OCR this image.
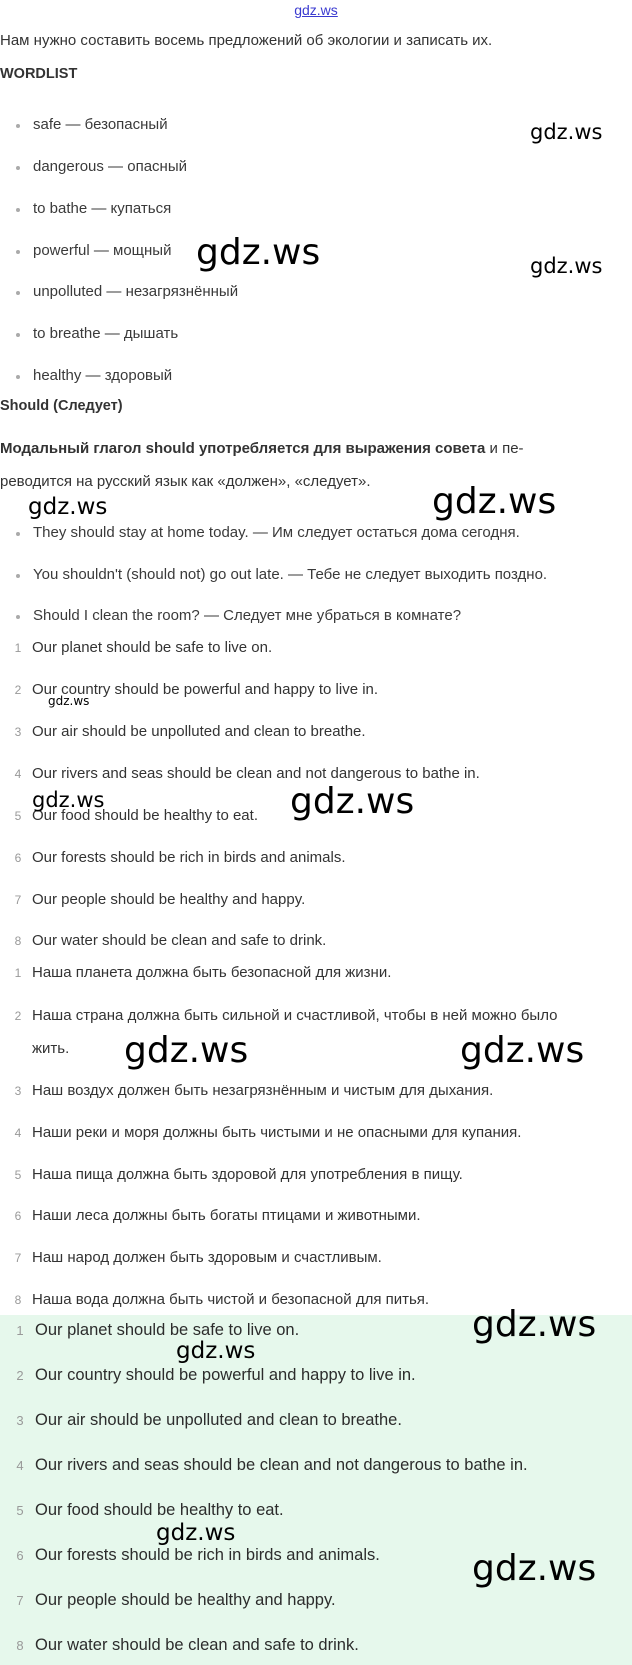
gdz.ws
Нам нужно составить восемь предложений об экологии и записать их.
WORDLIST
safe — безопасный
dangerous — опасный
to bathe — купаться
powerful — мощный
unpolluted — незагрязнённый
to breathe — дышать
healthy — здоровый
Should (Следует)
Модальный глагол should употребляется для выражения совета и пе-
реводится на русский язык как «должен», «следует».
They should stay at home today. — Им следует остаться дома сегодня.
You shouldn't (should not) go out late. — Тебе не следует выходить поздно.
Should I clean the room? — Следует мне убраться в комнате?
1 Our planet should be safe to live on.
2 Our country should be powerful and happy to live in.
3 Our air should be unpolluted and clean to breathe.
4 Our rivers and seas should be clean and not dangerous to bathe in.
5 Our food should be healthy to eat.
6 Our forests should be rich in birds and animals.
7 Our people should be healthy and happy.
8 Our water should be clean and safe to drink.
1 Наша планета должна быть безопасной для жизни.
2 Наша страна должна быть сильной и счастливой, чтобы в ней можно было
жить.
3 Наш воздух должен быть незагрязнённым и чистым для дыхания.
4 Наши реки и моря должны быть чистыми и не опасными для купания.
5 Наша пища должна быть здоровой для употребления в пищу.
6 Наши леса должны быть богаты птицами и животными.
7 Наш народ должен быть здоровым и счастливым.
8 Наша вода должна быть чистой и безопасной для питья.
1 Our planet should be safe to live on.
2 Our country should be powerful and happy to live in.
3 Our air should be unpolluted and clean to breathe.
4 Our rivers and seas should be clean and not dangerous to bathe in.
5 Our food should be healthy to eat.
6 Our forests should be rich in birds and animals.
7 Our people should be healthy and happy.
8 Our water should be clean and safe to drink.
gdz.ws
gdz.ws	gdz.ws
gdz.ws	gdz.ws
gdz.ws
gdz.ws	gdz.ws
gdz.ws	gdz.ws
gdz.ws
gdz.ws
gdz.ws
gdz.ws
